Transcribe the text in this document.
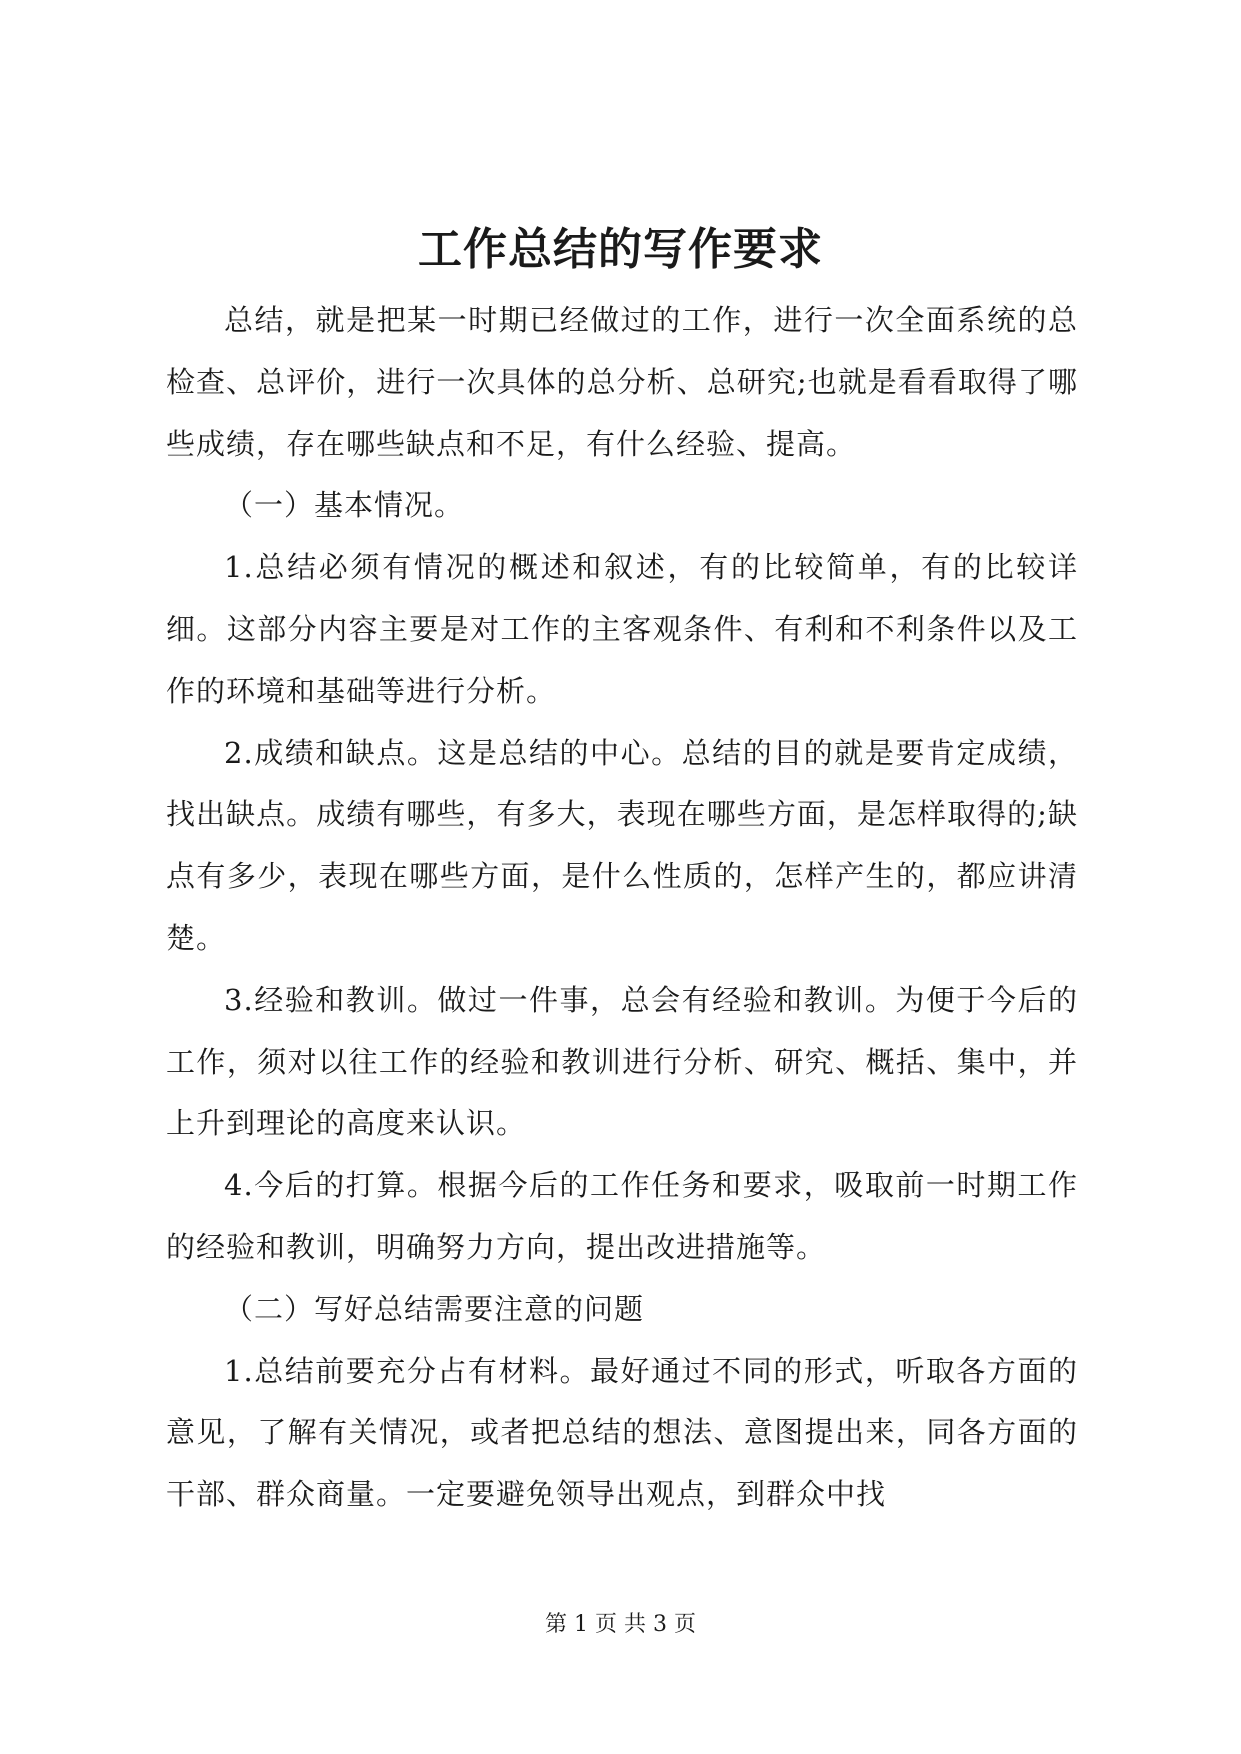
工作总结的写作要求

总结，就是把某一时期已经做过的工作，进行一次全面系统的总检查、总评价，进行一次具体的总分析、总研究;也就是看看取得了哪些成绩，存在哪些缺点和不足，有什么经验、提高。

（一）基本情况。

1.总结必须有情况的概述和叙述，有的比较简单，有的比较详细。这部分内容主要是对工作的主客观条件、有利和不利条件以及工作的环境和基础等进行分析。

2.成绩和缺点。这是总结的中心。总结的目的就是要肯定成绩，找出缺点。成绩有哪些，有多大，表现在哪些方面，是怎样取得的;缺点有多少，表现在哪些方面，是什么性质的，怎样产生的，都应讲清楚。

3.经验和教训。做过一件事，总会有经验和教训。为便于今后的工作，须对以往工作的经验和教训进行分析、研究、概括、集中，并上升到理论的高度来认识。

4.今后的打算。根据今后的工作任务和要求，吸取前一时期工作的经验和教训，明确努力方向，提出改进措施等。

（二）写好总结需要注意的问题

1.总结前要充分占有材料。最好通过不同的形式，听取各方面的意见，了解有关情况，或者把总结的想法、意图提出来，同各方面的干部、群众商量。一定要避免领导出观点，到群众中找

第 1 页 共 3 页
